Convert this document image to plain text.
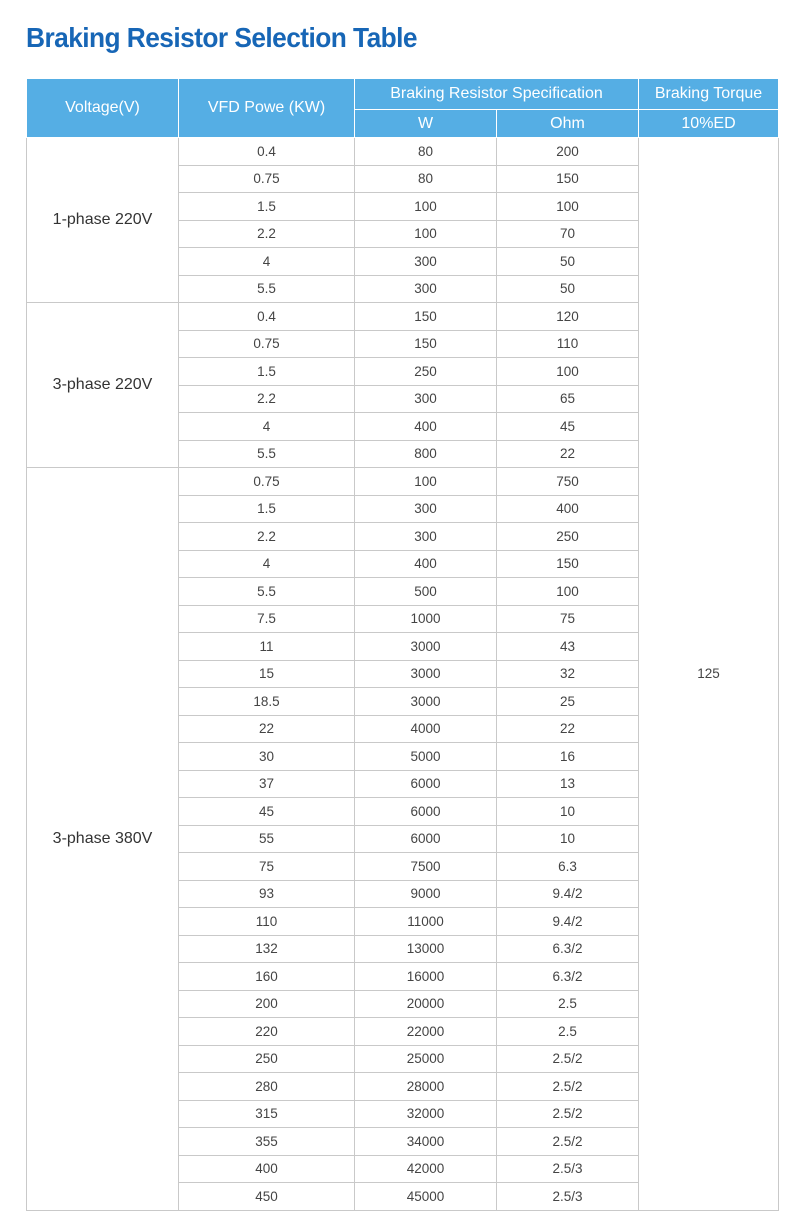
Braking Resistor Selection Table
Voltage(V)	VFD Powe (KW)	Braking Resistor Specification		Braking Torque
		W	Ohm	10%ED
1-phase 220V	0.4	80	200	125
	0.75	80	150	
	1.5	100	100	
	2.2	100	70	
	4	300	50	
	5.5	300	50	
3-phase 220V	0.4	150	120	
	0.75	150	110	
	1.5	250	100	
	2.2	300	65	
	4	400	45	
	5.5	800	22	
3-phase 380V	0.75	100	750	
	1.5	300	400	
	2.2	300	250	
	4	400	150	
	5.5	500	100	
	7.5	1000	75	
	11	3000	43	
	15	3000	32	
	18.5	3000	25	
	22	4000	22	
	30	5000	16	
	37	6000	13	
	45	6000	10	
	55	6000	10	
	75	7500	6.3	
	93	9000	9.4/2	
	110	11000	9.4/2	
	132	13000	6.3/2	
	160	16000	6.3/2	
	200	20000	2.5	
	220	22000	2.5	
	250	25000	2.5/2	
	280	28000	2.5/2	
	315	32000	2.5/2	
	355	34000	2.5/2	
	400	42000	2.5/3	
	450	45000	2.5/3	
